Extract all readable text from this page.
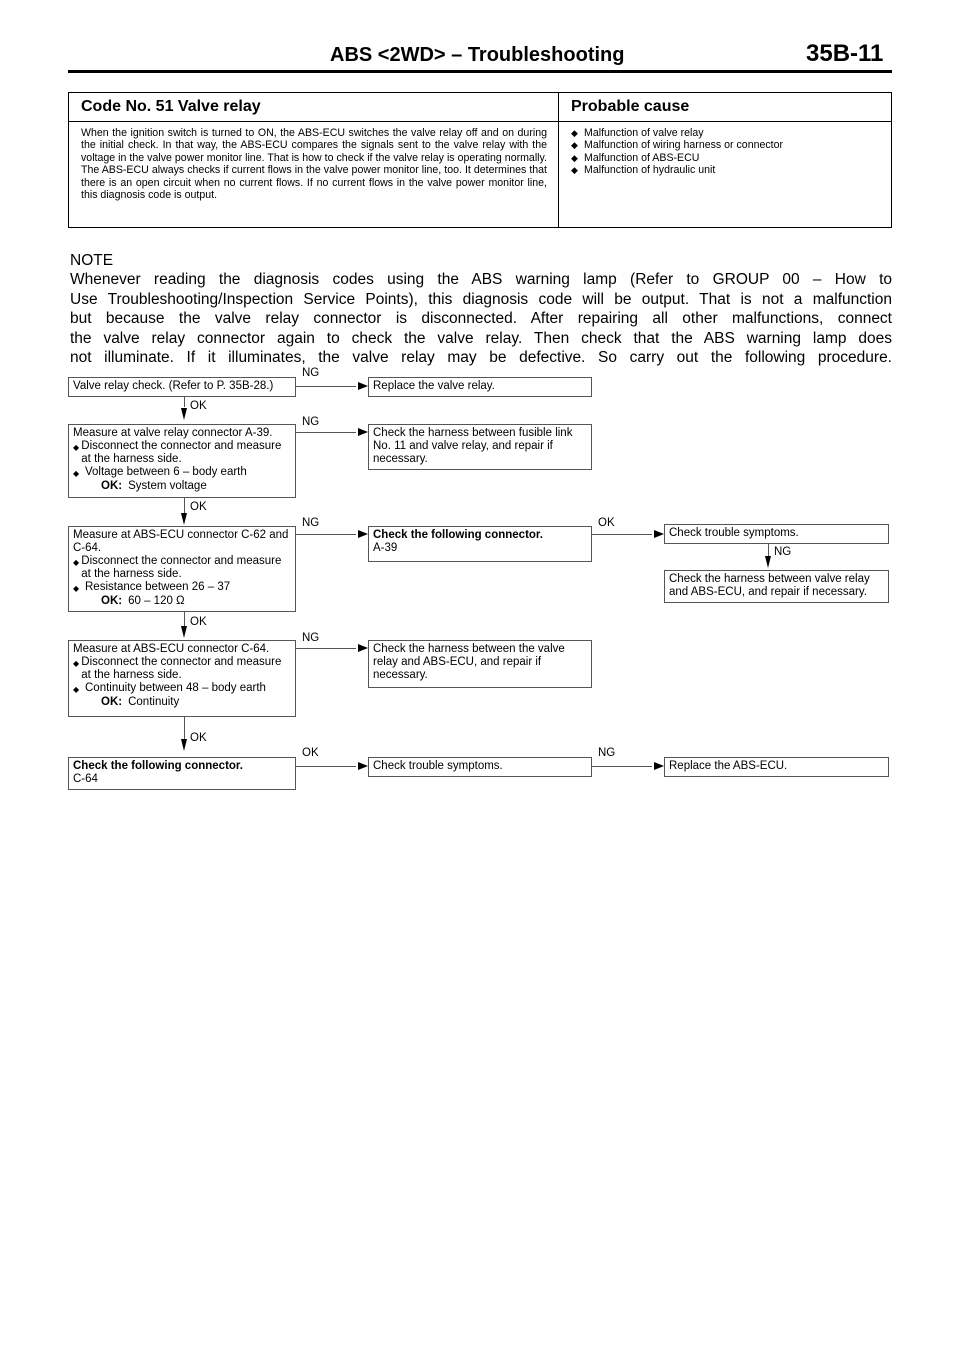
ABS <2WD> – Troubleshooting	35B-11
Code No. 51 Valve relay	Probable cause
When the ignition switch is turned to ON, the ABS-ECU switches the valve relay off and on during the initial check. In that way, the ABS-ECU compares the signals sent to the valve relay with the voltage in the valve power monitor line. That is how to check if the valve relay is operating normally. The ABS-ECU always checks if current flows in the valve power monitor line, too. It determines that there is an open circuit when no current flows. If no current flows in the valve power monitor line, this diagnosis code is output.
◆ Malfunction of valve relay
◆ Malfunction of wiring harness or connector
◆ Malfunction of ABS-ECU
◆ Malfunction of hydraulic unit
NOTE
Whenever reading the diagnosis codes using the ABS warning lamp (Refer to GROUP 00 – How to
Use Troubleshooting/Inspection Service Points), this diagnosis code will be output. That is not a malfunction
but because the valve relay connector is disconnected. After repairing all other malfunctions, connect
the valve relay connector again to check the valve relay. Then check that the ABS warning lamp does
not illuminate. If it illuminates, the valve relay may be defective. So carry out the following procedure.
Valve relay check. (Refer to P. 35B-28.)
NG
Replace the valve relay.
OK
Measure at valve relay connector A-39.
◆ Disconnect the connector and measure at the harness side.
◆ Voltage between 6 – body earth
OK: System voltage
NG
Check the harness between fusible link No. 11 and valve relay, and repair if necessary.
OK
Measure at ABS-ECU connector C-62 and C-64.
◆ Disconnect the connector and measure at the harness side.
◆ Resistance between 26 – 37
OK: 60 – 120 Ω
NG
Check the following connector.
A-39
OK
Check trouble symptoms.
NG
Check the harness between valve relay and ABS-ECU, and repair if necessary.
OK
Measure at ABS-ECU connector C-64.
◆ Disconnect the connector and measure at the harness side.
◆ Continuity between 48 – body earth
OK: Continuity
NG
Check the harness between the valve relay and ABS-ECU, and repair if necessary.
OK
Check the following connector.
C-64
OK
Check trouble symptoms.
NG
Replace the ABS-ECU.
